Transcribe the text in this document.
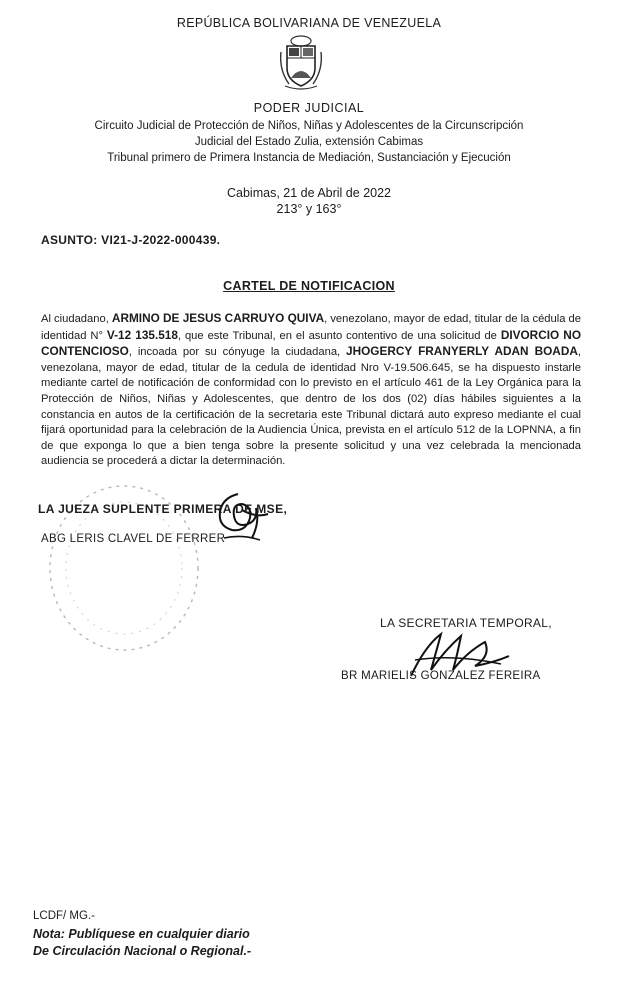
REPÚBLICA BOLIVARIANA DE VENEZUELA

PODER JUDICIAL

Circuito Judicial de Protección de Niños, Niñas y Adolescentes de la Circunscripción
Judicial del Estado Zulia, extensión Cabimas
Tribunal primero de Primera Instancia de Mediación, Sustanciación y Ejecución
Cabimas, 21 de Abril de 2022
213° y 163°

ASUNTO: VI21-J-2022-000439.

CARTEL DE NOTIFICACION

Al ciudadano, ARMINO DE JESUS CARRUYO QUIVA, venezolano, mayor de edad, titular de la cédula de identidad N° V-12 135.518, que este Tribunal, en el asunto contentivo de una solicitud de DIVORCIO NO CONTENCIOSO, incoada por su cónyuge la ciudadana, JHOGERCY FRANYERLY ADAN BOADA, venezolana, mayor de edad, titular de la cedula de identidad Nro V-19.506.645, se ha dispuesto instarle mediante cartel de notificación de conformidad con lo previsto en el artículo 461 de la Ley Orgánica para la Protección de Niños, Niñas y Adolescentes, que dentro de los dos (02) días hábiles siguientes a la constancia en autos de la certificación de la secretaria este Tribunal dictará auto expreso mediante el cual fijará oportunidad para la celebración de la Audiencia Única, prevista en el artículo 512 de la LOPNNA, a fin de que exponga lo que a bien tenga sobre la presente solicitud y una vez celebrada la mencionada audiencia se procederá a dictar la determinación.

LA JUEZA SUPLENTE PRIMERA DE MSE,

ABG LERIS CLAVEL DE FERRER

LA SECRETARIA TEMPORAL,

BR MARIELIS GONZALEZ FEREIRA

LCDF/ MG.-

Nota: Publíquese en cualquier diario
De Circulación Nacional o Regional.-
